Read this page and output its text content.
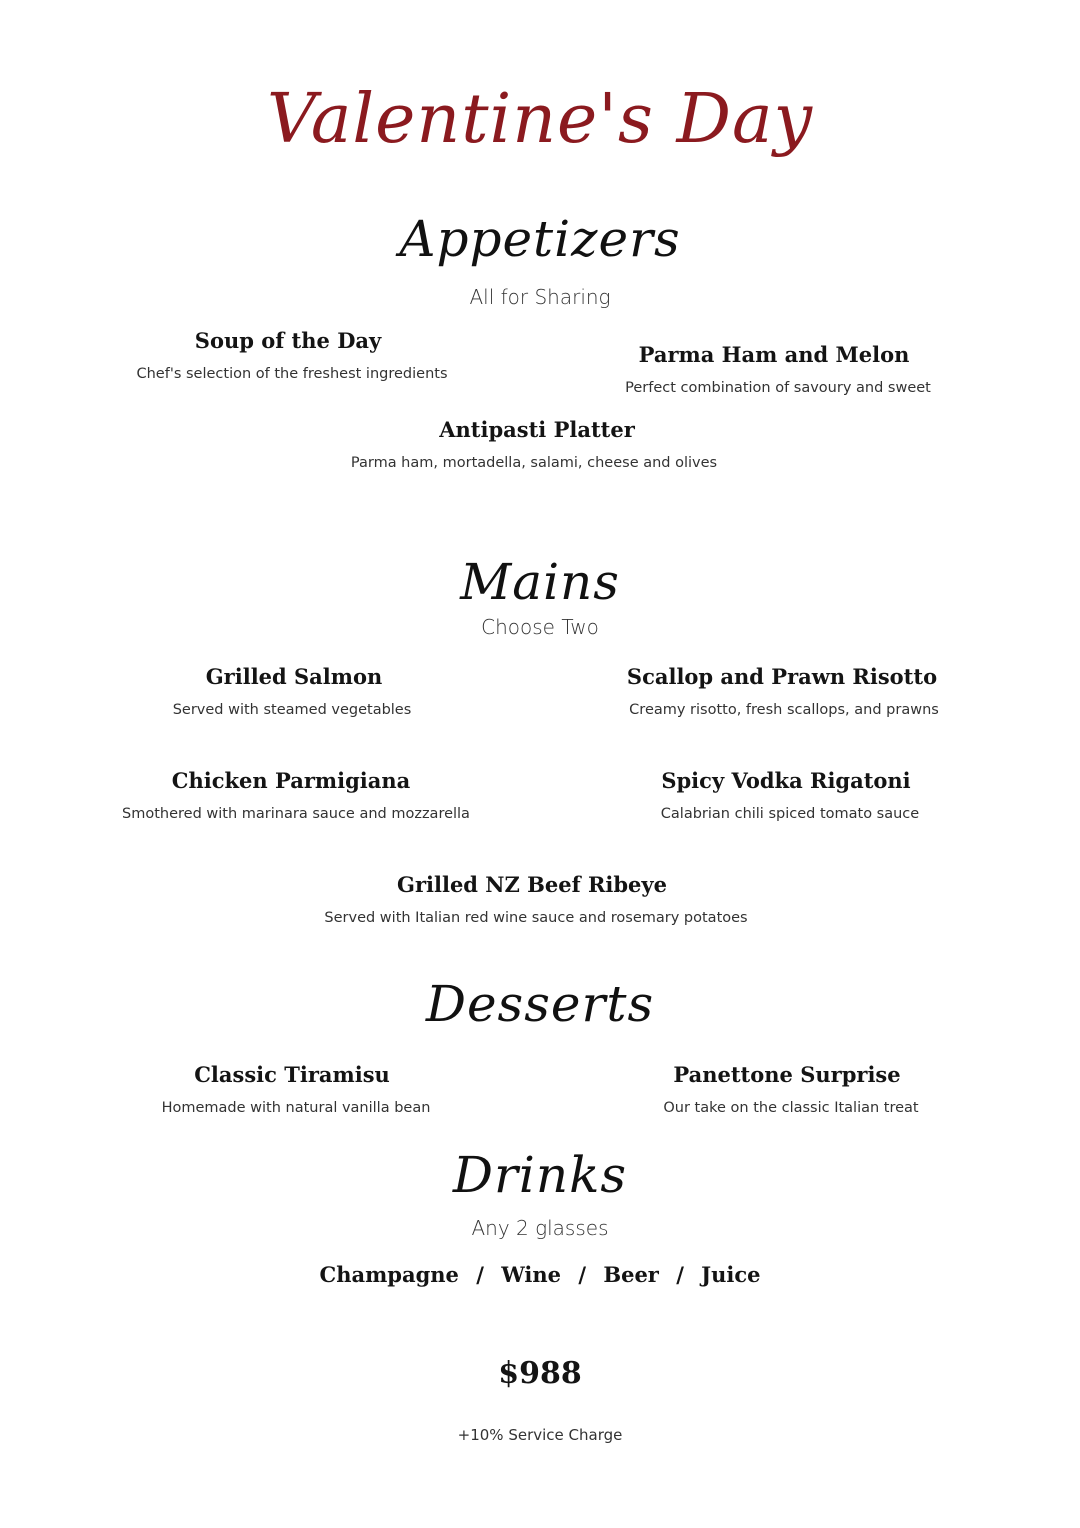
Valentine's Day
Appetizers
All for Sharing
Soup of the Day
Chef's selection of the freshest ingredients
Parma Ham and Melon
Perfect combination of savoury and sweet
Antipasti Platter
Parma ham, mortadella, salami, cheese and olives
Mains
Choose Two
Grilled Salmon
Served with steamed vegetables
Scallop and Prawn Risotto
Creamy risotto, fresh scallops, and prawns
Chicken Parmigiana
Smothered with marinara sauce and mozzarella
Spicy Vodka Rigatoni
Calabrian chili spiced tomato sauce
Grilled NZ Beef Ribeye
Served with Italian red wine sauce and rosemary potatoes
Desserts
Classic Tiramisu
Homemade with natural vanilla bean
Panettone Surprise
Our take on the classic Italian treat
Drinks
Any 2 glasses
Champagne / Wine / Beer / Juice
$988
+10% Service Charge
